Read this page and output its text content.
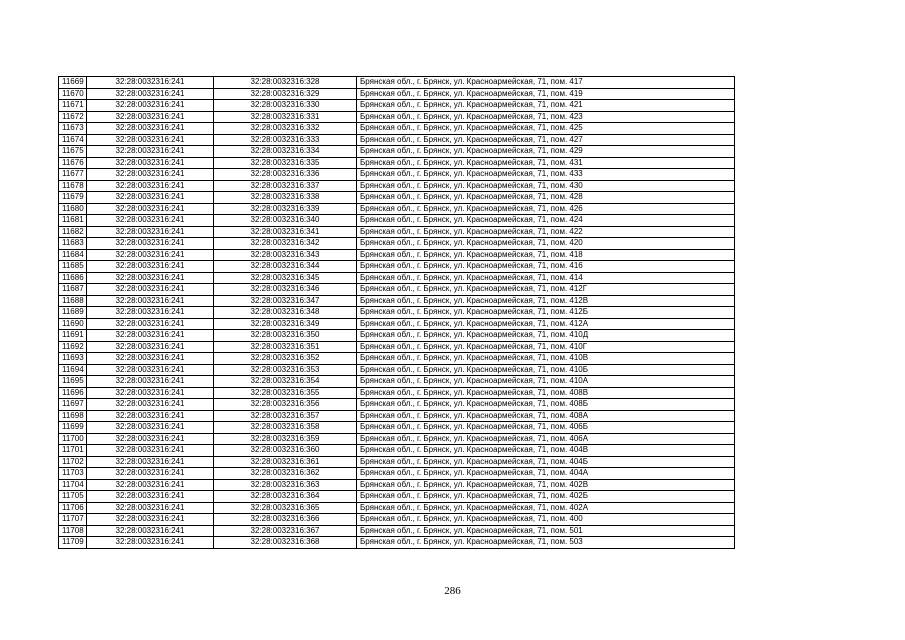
11669	32:28:0032316:241	32:28:0032316:328	Брянская обл., г. Брянск, ул. Красноармейская, 71, пом. 417
11670	32:28:0032316:241	32:28:0032316:329	Брянская обл., г. Брянск, ул. Красноармейская, 71, пом. 419
11671	32:28:0032316:241	32:28:0032316:330	Брянская обл., г. Брянск, ул. Красноармейская, 71, пом. 421
11672	32:28:0032316:241	32:28:0032316:331	Брянская обл., г. Брянск, ул. Красноармейская, 71, пом. 423
11673	32:28:0032316:241	32:28:0032316:332	Брянская обл., г. Брянск, ул. Красноармейская, 71, пом. 425
11674	32:28:0032316:241	32:28:0032316:333	Брянская обл., г. Брянск, ул. Красноармейская, 71, пом. 427
11675	32:28:0032316:241	32:28:0032316:334	Брянская обл., г. Брянск, ул. Красноармейская, 71, пом. 429
11676	32:28:0032316:241	32:28:0032316:335	Брянская обл., г. Брянск, ул. Красноармейская, 71, пом. 431
11677	32:28:0032316:241	32:28:0032316:336	Брянская обл., г. Брянск, ул. Красноармейская, 71, пом. 433
11678	32:28:0032316:241	32:28:0032316:337	Брянская обл., г. Брянск, ул. Красноармейская, 71, пом. 430
11679	32:28:0032316:241	32:28:0032316:338	Брянская обл., г. Брянск, ул. Красноармейская, 71, пом. 428
11680	32:28:0032316:241	32:28:0032316:339	Брянская обл., г. Брянск, ул. Красноармейская, 71, пом. 426
11681	32:28:0032316:241	32:28:0032316:340	Брянская обл., г. Брянск, ул. Красноармейская, 71, пом. 424
11682	32:28:0032316:241	32:28:0032316:341	Брянская обл., г. Брянск, ул. Красноармейская, 71, пом. 422
11683	32:28:0032316:241	32:28:0032316:342	Брянская обл., г. Брянск, ул. Красноармейская, 71, пом. 420
11684	32:28:0032316:241	32:28:0032316:343	Брянская обл., г. Брянск, ул. Красноармейская, 71, пом. 418
11685	32:28:0032316:241	32:28:0032316:344	Брянская обл., г. Брянск, ул. Красноармейская, 71, пом. 416
11686	32:28:0032316:241	32:28:0032316:345	Брянская обл., г. Брянск, ул. Красноармейская, 71, пом. 414
11687	32:28:0032316:241	32:28:0032316:346	Брянская обл., г. Брянск, ул. Красноармейская, 71, пом. 412Г
11688	32:28:0032316:241	32:28:0032316:347	Брянская обл., г. Брянск, ул. Красноармейская, 71, пом. 412В
11689	32:28:0032316:241	32:28:0032316:348	Брянская обл., г. Брянск, ул. Красноармейская, 71, пом. 412Б
11690	32:28:0032316:241	32:28:0032316:349	Брянская обл., г. Брянск, ул. Красноармейская, 71, пом. 412А
11691	32:28:0032316:241	32:28:0032316:350	Брянская обл., г. Брянск, ул. Красноармейская, 71, пом. 410Д
11692	32:28:0032316:241	32:28:0032316:351	Брянская обл., г. Брянск, ул. Красноармейская, 71, пом. 410Г
11693	32:28:0032316:241	32:28:0032316:352	Брянская обл., г. Брянск, ул. Красноармейская, 71, пом. 410В
11694	32:28:0032316:241	32:28:0032316:353	Брянская обл., г. Брянск, ул. Красноармейская, 71, пом. 410Б
11695	32:28:0032316:241	32:28:0032316:354	Брянская обл., г. Брянск, ул. Красноармейская, 71, пом. 410А
11696	32:28:0032316:241	32:28:0032316:355	Брянская обл., г. Брянск, ул. Красноармейская, 71, пом. 408В
11697	32:28:0032316:241	32:28:0032316:356	Брянская обл., г. Брянск, ул. Красноармейская, 71, пом. 408Б
11698	32:28:0032316:241	32:28:0032316:357	Брянская обл., г. Брянск, ул. Красноармейская, 71, пом. 408А
11699	32:28:0032316:241	32:28:0032316:358	Брянская обл., г. Брянск, ул. Красноармейская, 71, пом. 406Б
11700	32:28:0032316:241	32:28:0032316:359	Брянская обл., г. Брянск, ул. Красноармейская, 71, пом. 406А
11701	32:28:0032316:241	32:28:0032316:360	Брянская обл., г. Брянск, ул. Красноармейская, 71, пом. 404В
11702	32:28:0032316:241	32:28:0032316:361	Брянская обл., г. Брянск, ул. Красноармейская, 71, пом. 404Б
11703	32:28:0032316:241	32:28:0032316:362	Брянская обл., г. Брянск, ул. Красноармейская, 71, пом. 404А
11704	32:28:0032316:241	32:28:0032316:363	Брянская обл., г. Брянск, ул. Красноармейская, 71, пом. 402В
11705	32:28:0032316:241	32:28:0032316:364	Брянская обл., г. Брянск, ул. Красноармейская, 71, пом. 402Б
11706	32:28:0032316:241	32:28:0032316:365	Брянская обл., г. Брянск, ул. Красноармейская, 71, пом. 402А
11707	32:28:0032316:241	32:28:0032316:366	Брянская обл., г. Брянск, ул. Красноармейская, 71, пом. 400
11708	32:28:0032316:241	32:28:0032316:367	Брянская обл., г. Брянск, ул. Красноармейская, 71, пом. 501
11709	32:28:0032316:241	32:28:0032316:368	Брянская обл., г. Брянск, ул. Красноармейская, 71, пом. 503
286
